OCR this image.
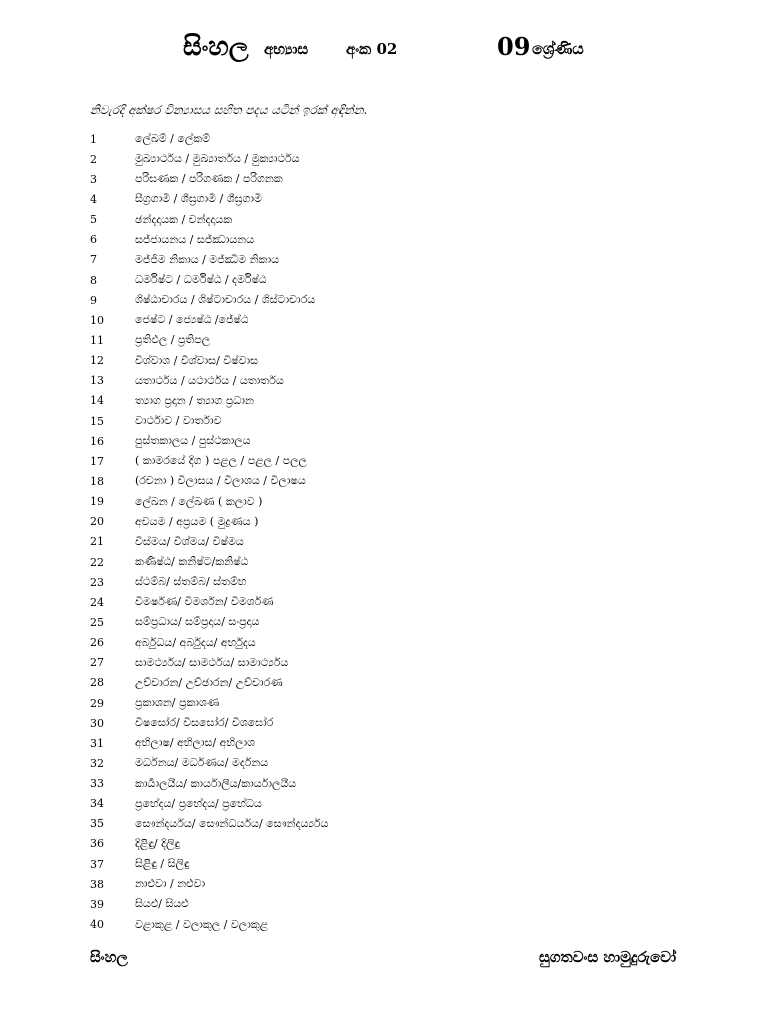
සිංහල අභ්‍යාස	අංක 02	09 ශ්‍රේණිය
නිවැරදි අක්ෂර වින්‍යාසය සහිත පදය යටින් ඉරක් අඳින්න.
1	ලේඛම් / ලේකම්
2	මුඛ්‍යාර්ථය / මුඛ්‍යාර්තය / මුක්‍යාර්ථය
3	පරිඝණක / පරිගණක / පරිගනක
4	සීග්‍රගාමී / ශීඝ්‍රගාමී / ශීඝ්‍රගාමී
5	ඡන්දදායක / චන්දදායක
6	සජ්ජායනය / සජ්ඣායනය
7	මජ්ජිම නිකාය / මජ්ඣිම නිකාය
8	ධර්මිෂ්ට / ධර්මිෂ්ඨ / දර්මිෂ්ඨ
9	ශිෂ්ඨාචාරය / ශිෂ්ටාචාරය / ශිස්ටාචාරය
10	ජෙෂ්ට / ජ්‍යෙෂ්ඨ /ජේෂ්ඨ
11	ප්‍රතිඵල / ප්‍රතිපල
12	විශ්වාශ / විශ්වාස/ විෂ්වාස
13	යතාර්ථය / යථාර්ථය / යතාර්තය
14	ත්‍යාග ප්‍රදාන / ත්‍යාග ප්‍රධාන
15	වාර්ථාව / වාර්තාව
16	පුස්තකාලය / පුස්ථකාලය
17	( කාමරයේ දිග ) පළල / පළල / පලල
18	(රචනා ) විලාසය / විලාශය / විලාෂය
19	ලේඛන / ලේඛණ ( කලාව )
20	අචයම / අප්‍රයම ( මුද්‍රණය )
21	විස්මය/ විශ්මය/ විෂ්මය
22	කණිෂ්ඨ/ කනිෂ්ට/කනිෂ්ඨ
23	ස්ථම්බ/ ස්තම්බ/ ස්තම්භ
24	විමර්ෂණ/ විමර්ශන/ විමර්ශණ
25	සම්ප්‍රධාය/ සම්ප්‍රදාය/ සංප්‍රදාය
26	අර්බුධය/ අර්බුදය/ අර්භුදය
27	සාමර්ථ්‍යය/ සාමර්ථය/ සාමාර්ථ්‍යය
28	උච්චාරන/ උච්ඡාරන/ උච්චාරණ
29	ප්‍රකාශන/ ප්‍රකාශණ
30	විෂසෝර/ විසඝෝර/ විශඝෝර
31	අභිලාෂ/ අභිලාස/ අභිලාශ
32	මර්ධනය/ මර්ධණය/ මර්දනය
33	කාර්‍යාලයීය/ කාර්යාලීය/කාර්යාලයීය
34	ප්‍රභේදය/ ප්‍රභේදය/ ප්‍රභේධය
35	සෞන්දර්යය/ සෞන්ධර්යය/ සෞන්දර්ය්‍යය
36	දිළිඳු/ දිලිඳු
37	සිළිඳු / සිලිඳු
38	නාළුවා / නළුවා
39	සියළු/ සියළු
40	වළාකුළ / වලාකුල / වලාකුළ
සිංහල	සුගතවංස හාමුදුරුවෝ
